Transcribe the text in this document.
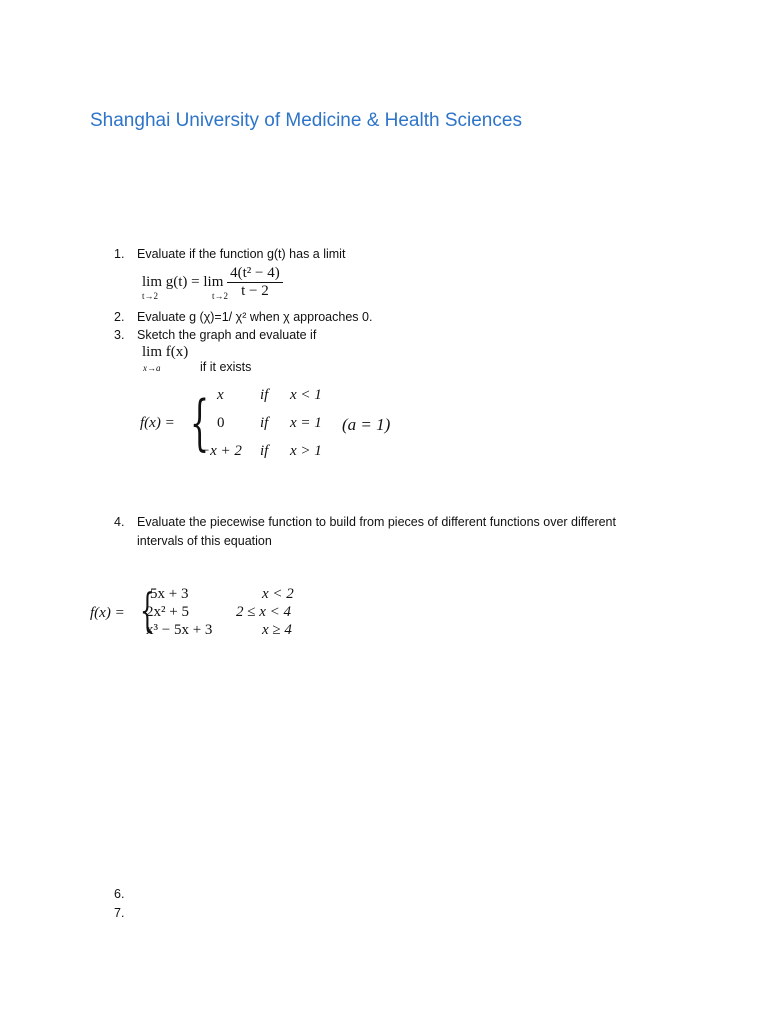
Shanghai University of Medicine & Health Sciences
1. Evaluate if the function g(t) has a limit
$\lim g(t) = \lim \frac{\text{4(t² − 4)}}{t - 2}$
t→2	t→2
2. Evaluate g (χ)=1/ χ² when χ approaches 0.
3. Sketch the graph and evaluate if
lim f(x)
x→a	if it exists
f(x) = { x if x < 1
0 if x = 1
−x + 2 if x > 1
(a = 1)
4. Evaluate the piecewise function to build from pieces of different functions over different
intervals of this equation
f(x) = {
5x + 3	x < 2
2x² + 5	2 ≤ x < 4
x³ − 5x + 3	x ≥ 4
6.
7.
